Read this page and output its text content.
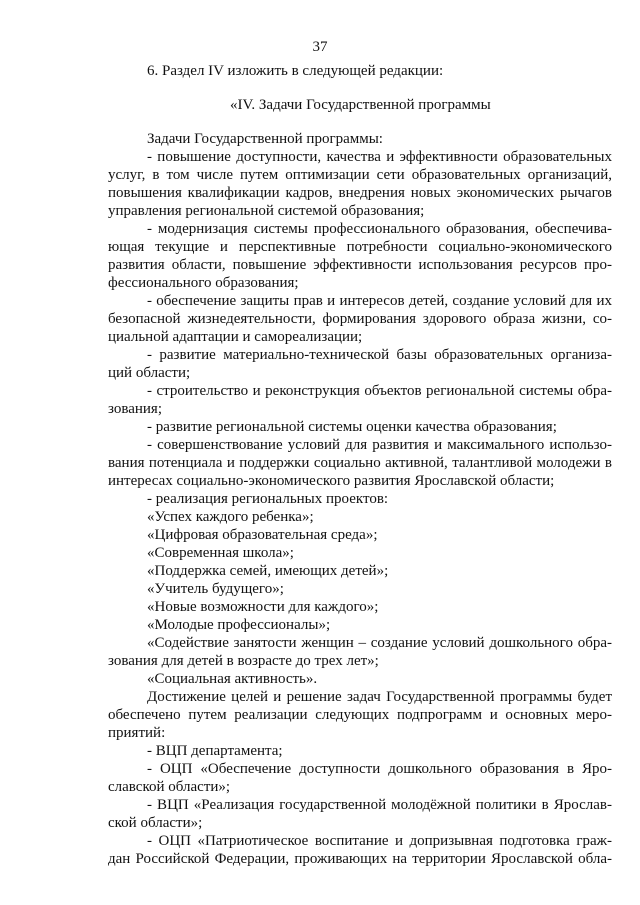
37
6. Раздел IV изложить в следующей редакции:
«IV. Задачи Государственной программы
Задачи Государственной программы:
- повышение доступности, качества и эффективности образовательных
услуг, в том числе путем оптимизации сети образовательных организаций,
повышения квалификации кадров, внедрения новых экономических рычагов
управления региональной системой образования;
- модернизация системы профессионального образования, обеспечива-
ющая текущие и перспективные потребности социально-экономического
развития области, повышение эффективности использования ресурсов про-
фессионального образования;
- обеспечение защиты прав и интересов детей, создание условий для их
безопасной жизнедеятельности, формирования здорового образа жизни, со-
циальной адаптации и самореализации;
- развитие материально-технической базы образовательных организа-
ций области;
- строительство и реконструкция объектов региональной системы обра-
зования;
- развитие региональной системы оценки качества образования;
- совершенствование условий для развития и максимального использо-
вания потенциала и поддержки социально активной, талантливой молодежи в
интересах социально-экономического развития Ярославской области;
- реализация региональных проектов:
«Успех каждого ребенка»;
«Цифровая образовательная среда»;
«Современная школа»;
«Поддержка семей, имеющих детей»;
«Учитель будущего»;
«Новые возможности для каждого»;
«Молодые профессионалы»;
«Содействие занятости женщин – создание условий дошкольного обра-
зования для детей в возрасте до трех лет»;
«Социальная активность».
Достижение целей и решение задач Государственной программы будет
обеспечено путем реализации следующих подпрограмм и основных меро-
приятий:
- ВЦП департамента;
- ОЦП «Обеспечение доступности дошкольного образования в Яро-
славской области»;
- ВЦП «Реализация государственной молодёжной политики в Ярослав-
ской области»;
- ОЦП «Патриотическое воспитание и допризывная подготовка граж-
дан Российской Федерации, проживающих на территории Ярославской обла-
